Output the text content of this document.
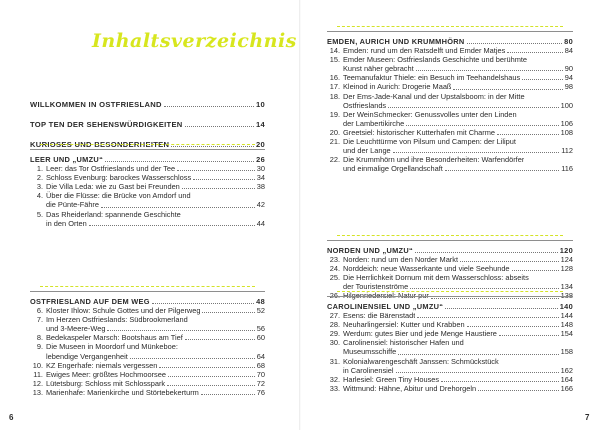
Inhaltsverzeichnis
WILLKOMMEN IN OSTFRIESLAND	10
TOP TEN DER SEHENSWÜRDIGKEITEN	14
KURIOSES UND BESONDERHEITEN	20
LEER UND „UMZU“	26
1. Leer: das Tor Ostfrieslands und der Tee	30
2. Schloss Evenburg: barockes Wasserschloss	34
3. Die Villa Leda: wie zu Gast bei Freunden	38
4. Über die Flüsse: die Brücke von Amdorf und
die Pünte-Fähre	42
5. Das Rheiderland: spannende Geschichte
in den Orten	44
OSTFRIESLAND AUF DEM WEG	48
6. Kloster Ihlow: Schule Gottes und der Pilgerweg	52
7. Im Herzen Ostfrieslands: Südbrookmerland
und 3-Meere-Weg	56
8. Bedekaspeler Marsch: Bootshaus am Tief	60
9. Die Museen in Moordorf und Münkeboe:
lebendige Vergangenheit	64
10. KZ Engerhafe: niemals vergessen	68
11. Ewiges Meer: größtes Hochmoorsee	70
12. Lütetsburg: Schloss mit Schlosspark	72
13. Marienhafe: Marienkirche und Störtebekerturm	76
6
EMDEN, AURICH UND KRUMMHÖRN	80
14. Emden: rund um den Ratsdelft und Emder Matjes	84
15. Emder Museen: Ostfrieslands Geschichte und berühmte
Kunst näher gebracht	90
16. Teemanufaktur Thiele: ein Besuch im Teehandelshaus	94
17. Kleinod in Aurich: Drogerie Maaß	98
18. Der Ems-Jade-Kanal und der Upstalsboom: in der Mitte
Ostfrieslands	100
19. Der WeinSchmecker: Genussvolles unter den Linden
der Lambertikirche	106
20. Greetsiel: historischer Kutterhafen mit Charme	108
21. Die Leuchttürme von Pilsum und Campen: der Liliput
und der Lange	112
22. Die Krummhörn und ihre Besonderheiten: Warfendörfer
und einmalige Orgellandschaft	116
NORDEN UND „UMZU“	120
23. Norden: rund um den Norder Markt	124
24. Norddeich: neue Wasserkante und viele Seehunde	128
25. Die Herrlichkeit Dornum mit dem Wasserschloss: abseits
der Touristenströme	134
26. Hilgenriedersiel: Natur pur	138
CAROLINENSIEL UND „UMZU“	140
27. Esens: die Bärenstadt	144
28. Neuharlingersiel: Kutter und Krabben	148
29. Werdum: gutes Bier und jede Menge Haustiere	154
30. Carolinensiel: historischer Hafen und
Museumsschiffe	158
31. Kolonialwarengeschäft Janssen: Schmückstück
in Carolinensiel	162
32. Harlesiel: Green Tiny Houses	164
33. Wittmund: Hähne, Abitur und Drehorgeln	166
7
